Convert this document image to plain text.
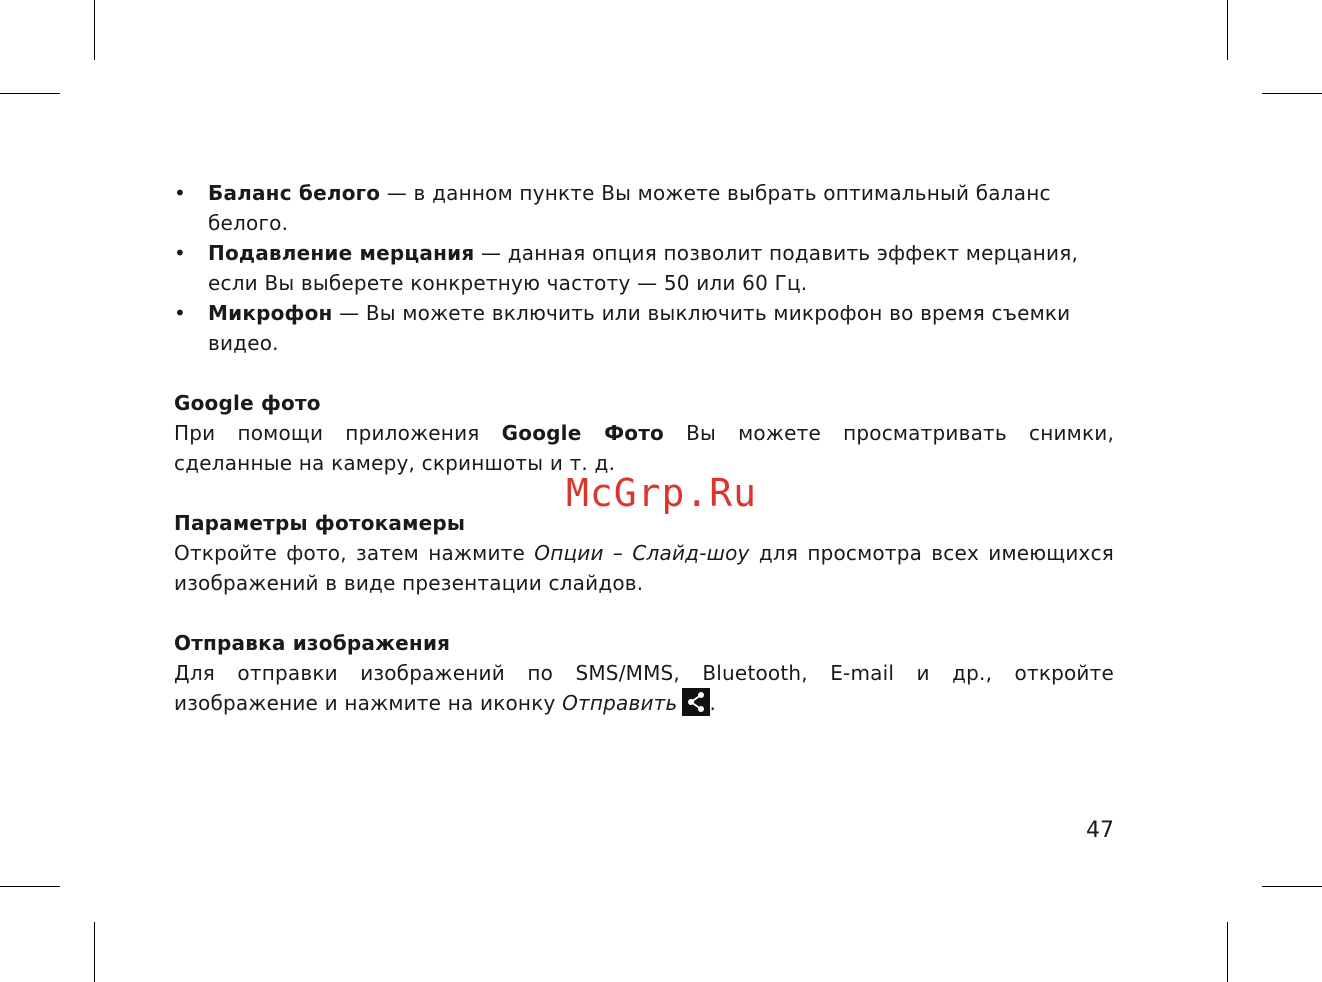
• Баланс белого — в данном пункте Вы можете выбрать оптимальный баланс белого.
• Подавление мерцания — данная опция позволит подавить эффект мерцания, если Вы выберете конкретную частоту — 50 или 60 Гц.
• Микрофон — Вы можете включить или выключить микрофон во время съемки видео.

Google фото

При помощи приложения Google Фото Вы можете просматривать снимки, сделанные на камеру, скриншоты и т. д.

Параметры фотокамеры

Откройте фото, затем нажмите Опции – Слайд-шоу для просмотра всех имеющихся изображений в виде презентации слайдов.

Отправка изображения

Для отправки изображений по SMS/MMS, Bluetooth, E-mail и др., откройте изображение и нажмите на иконку Отправить .

McGrp.Ru
47
